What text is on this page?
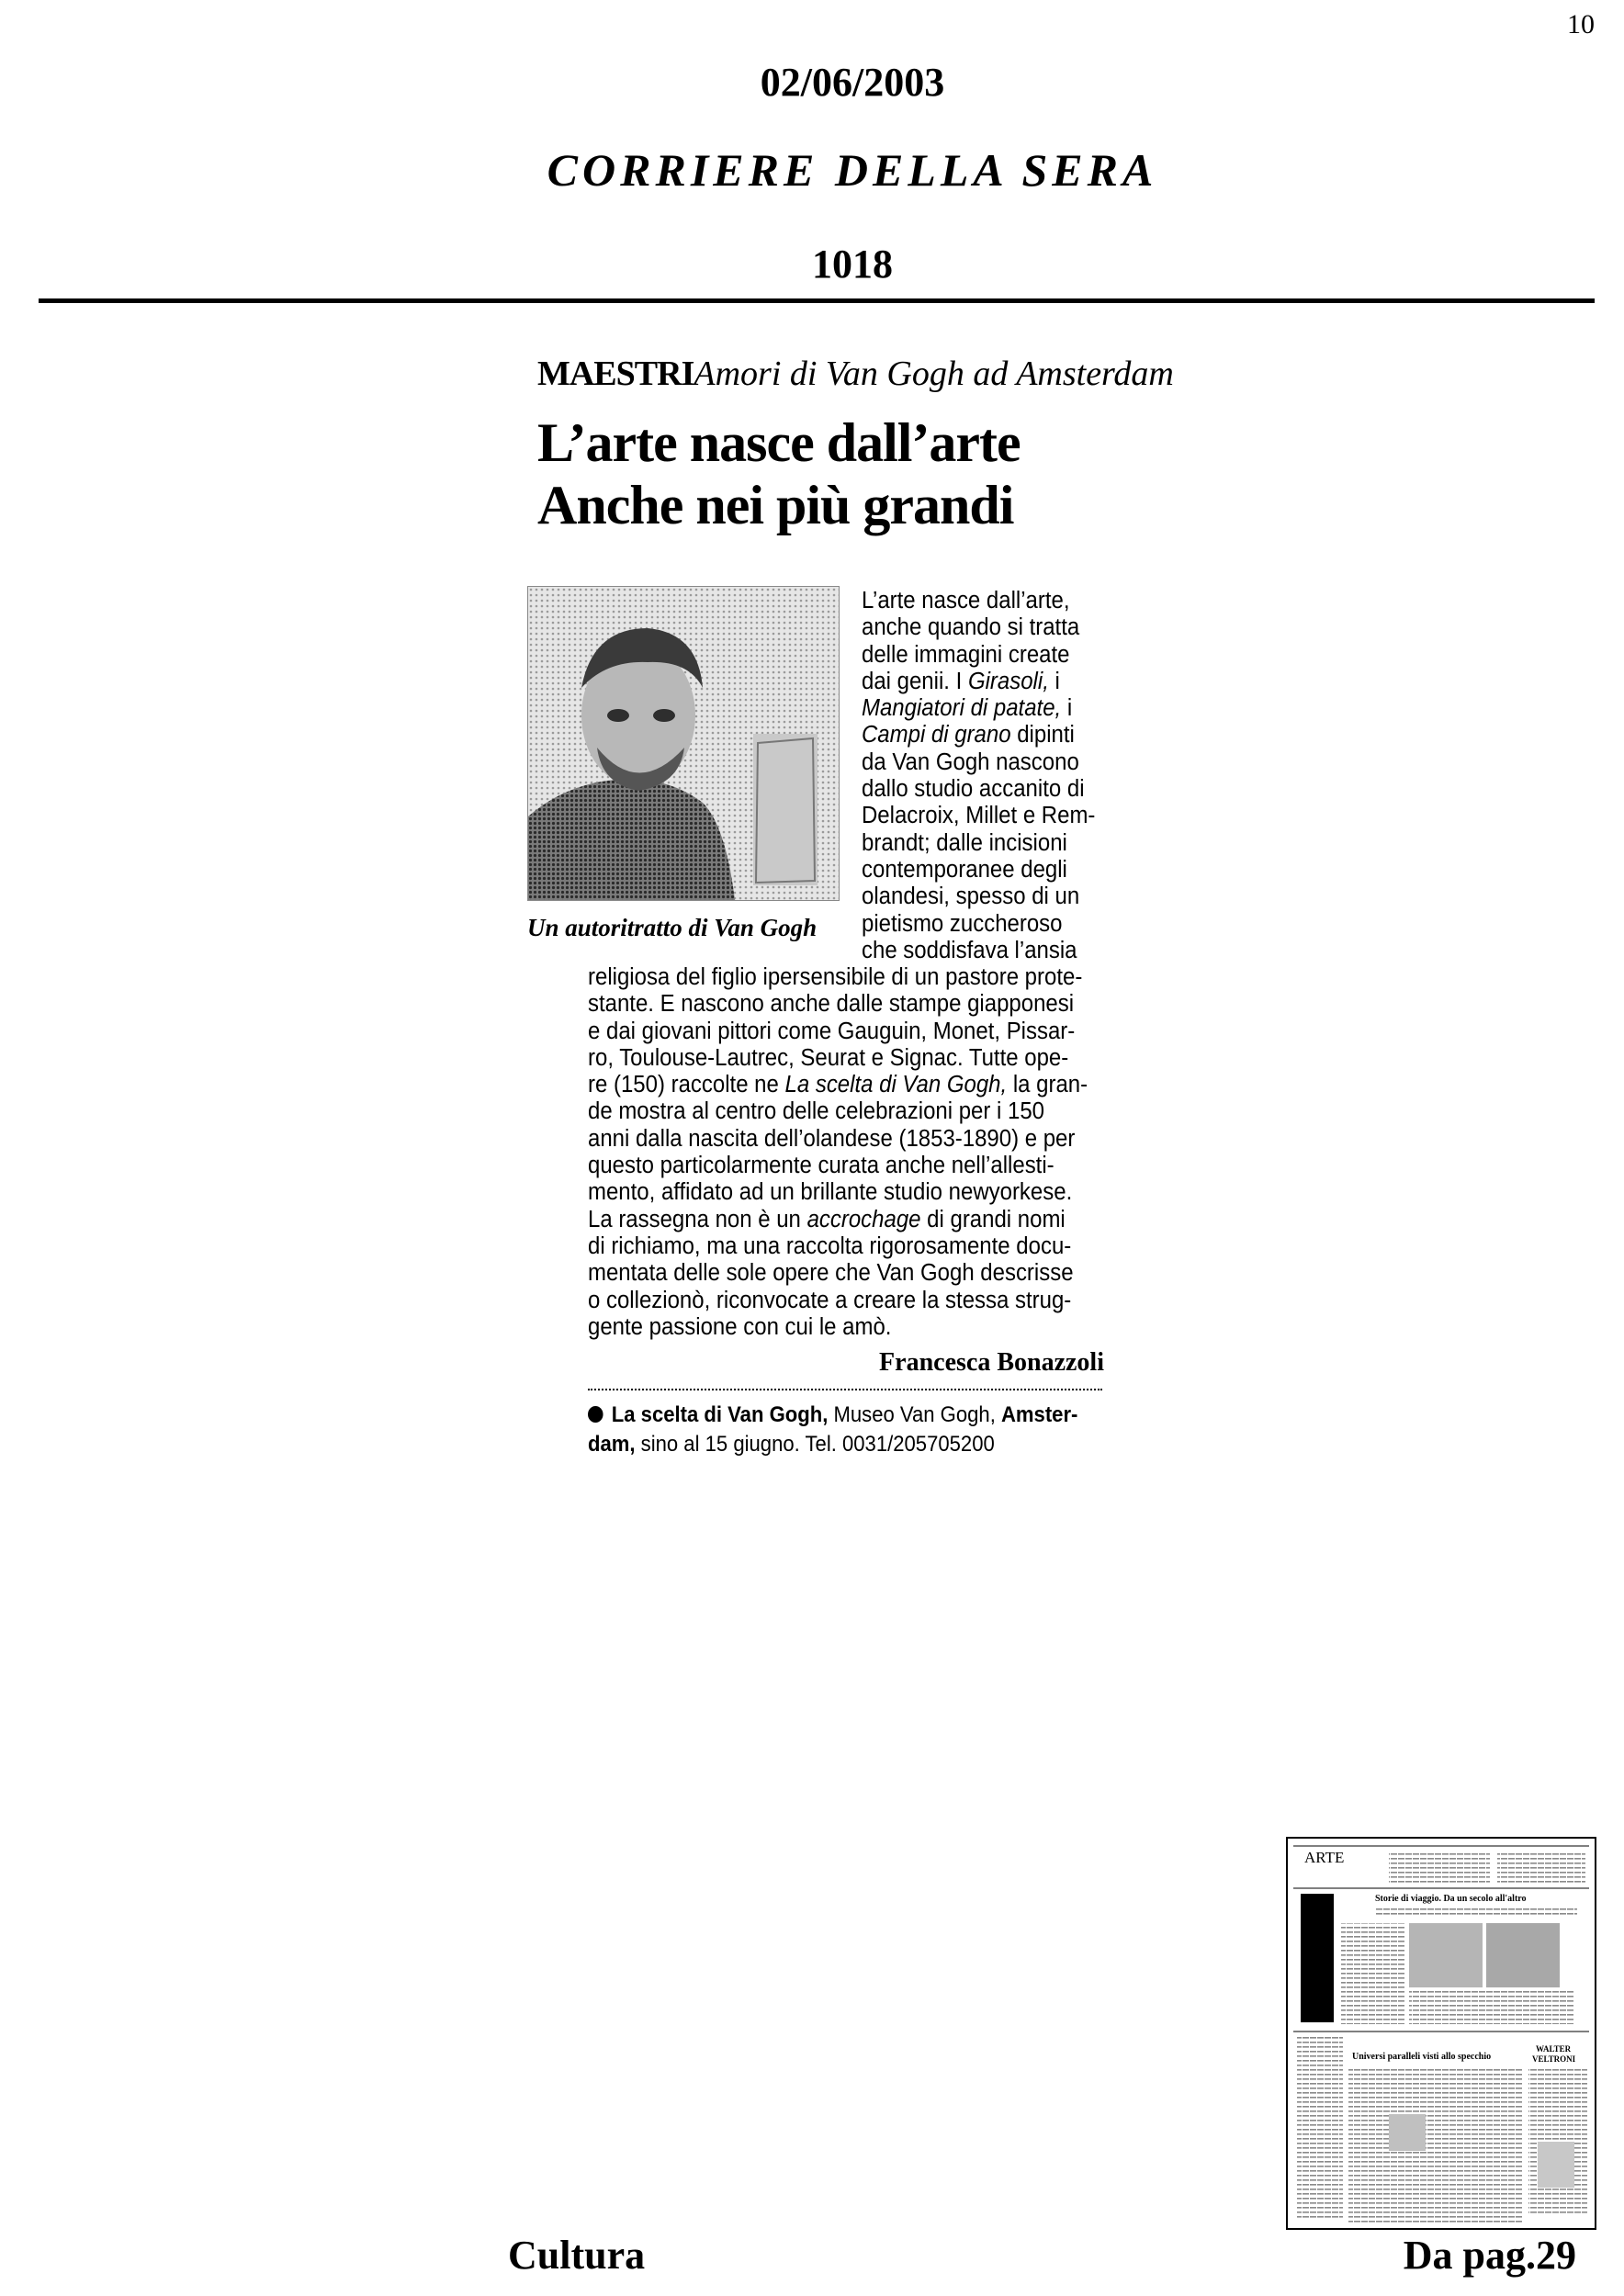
10
02/06/2003
CORRIERE DELLA SERA
1018
MAESTRIAmori di Van Gogh ad Amsterdam
L’arte nasce dall’arte
Anche nei più grandi
Un autoritratto di Van Gogh
L’arte nasce dall’arte,
anche quando si tratta
delle immagini create
dai genii. I Girasoli, i
Mangiatori di patate, i
Campi di grano dipinti
da Van Gogh nascono
dallo studio accanito di
Delacroix, Millet e Rem-
brandt; dalle incisioni
contemporanee degli
olandesi, spesso di un
pietismo zuccheroso
che soddisfava l’ansia
religiosa del figlio ipersensibile di un pastore prote-
stante. E nascono anche dalle stampe giapponesi
e dai giovani pittori come Gauguin, Monet, Pissar-
ro, Toulouse-Lautrec, Seurat e Signac. Tutte ope-
re (150) raccolte ne La scelta di Van Gogh, la gran-
de mostra al centro delle celebrazioni per i 150
anni dalla nascita dell’olandese (1853-1890) e per
questo particolarmente curata anche nell’allesti-
mento, affidato ad un brillante studio newyorkese.
La rassegna non è un accrochage di grandi nomi
di richiamo, ma una raccolta rigorosamente docu-
mentata delle sole opere che Van Gogh descrisse
o collezionò, riconvocate a creare la stessa strug-
gente passione con cui le amò.
Francesca Bonazzoli
La scelta di Van Gogh, Museo Van Gogh, Amster-
dam, sino al 15 giugno. Tel. 0031/205705200
ARTE
Storie di viaggio. Da un secolo all'altro
Universi paralleli visti allo specchio
WALTER
VELTRONI
Cultura	Da pag.29
